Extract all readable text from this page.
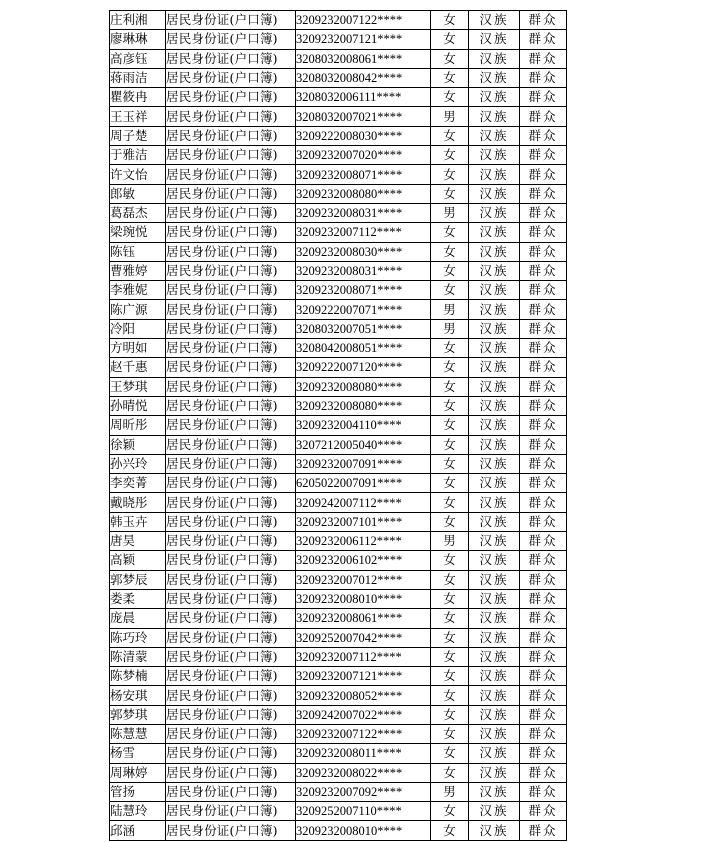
庄利湘	居民身份证(户口簿)	3209232007122****	女	汉族	群众
廖琳琳	居民身份证(户口簿)	3209232007121****	女	汉族	群众
高彦钰	居民身份证(户口簿)	3208032008061****	女	汉族	群众
蒋雨洁	居民身份证(户口簿)	3208032008042****	女	汉族	群众
瞿筱冉	居民身份证(户口簿)	3208032006111****	女	汉族	群众
王玉祥	居民身份证(户口簿)	3208032007021****	男	汉族	群众
周子楚	居民身份证(户口簿)	3209222008030****	女	汉族	群众
于雅洁	居民身份证(户口簿)	3209232007020****	女	汉族	群众
许文怡	居民身份证(户口簿)	3209232008071****	女	汉族	群众
郎敏	居民身份证(户口簿)	3209232008080****	女	汉族	群众
葛磊杰	居民身份证(户口簿)	3209232008031****	男	汉族	群众
梁琬悦	居民身份证(户口簿)	3209232007112****	女	汉族	群众
陈钰	居民身份证(户口簿)	3209232008030****	女	汉族	群众
曹雅婷	居民身份证(户口簿)	3209232008031****	女	汉族	群众
李雅妮	居民身份证(户口簿)	3209232008071****	女	汉族	群众
陈广源	居民身份证(户口簿)	3209222007071****	男	汉族	群众
冷阳	居民身份证(户口簿)	3208032007051****	男	汉族	群众
方明如	居民身份证(户口簿)	3208042008051****	女	汉族	群众
赵千惠	居民身份证(户口簿)	3209222007120****	女	汉族	群众
王梦琪	居民身份证(户口簿)	3209232008080****	女	汉族	群众
孙晴悦	居民身份证(户口簿)	3209232008080****	女	汉族	群众
周昕彤	居民身份证(户口簿)	3209232004110****	女	汉族	群众
徐颖	居民身份证(户口簿)	3207212005040****	女	汉族	群众
孙兴玲	居民身份证(户口簿)	3209232007091****	女	汉族	群众
李奕菁	居民身份证(户口簿)	6205022007091****	女	汉族	群众
戴晓彤	居民身份证(户口簿)	3209242007112****	女	汉族	群众
韩玉卉	居民身份证(户口簿)	3209232007101****	女	汉族	群众
唐昊	居民身份证(户口簿)	3209232006112****	男	汉族	群众
高颖	居民身份证(户口簿)	3209232006102****	女	汉族	群众
郭梦辰	居民身份证(户口簿)	3209232007012****	女	汉族	群众
娄柔	居民身份证(户口簿)	3209232008010****	女	汉族	群众
庞晨	居民身份证(户口簿)	3209232008061****	女	汉族	群众
陈巧玲	居民身份证(户口簿)	3209252007042****	女	汉族	群众
陈清蒙	居民身份证(户口簿)	3209232007112****	女	汉族	群众
陈梦楠	居民身份证(户口簿)	3209232007121****	女	汉族	群众
杨安琪	居民身份证(户口簿)	3209232008052****	女	汉族	群众
郭梦琪	居民身份证(户口簿)	3209242007022****	女	汉族	群众
陈慧慧	居民身份证(户口簿)	3209232007122****	女	汉族	群众
杨雪	居民身份证(户口簿)	3209232008011****	女	汉族	群众
周琳婷	居民身份证(户口簿)	3209232008022****	女	汉族	群众
管扬	居民身份证(户口簿)	3209232007092****	男	汉族	群众
陆慧玲	居民身份证(户口簿)	3209252007110****	女	汉族	群众
邱涵	居民身份证(户口簿)	3209232008010****	女	汉族	群众
